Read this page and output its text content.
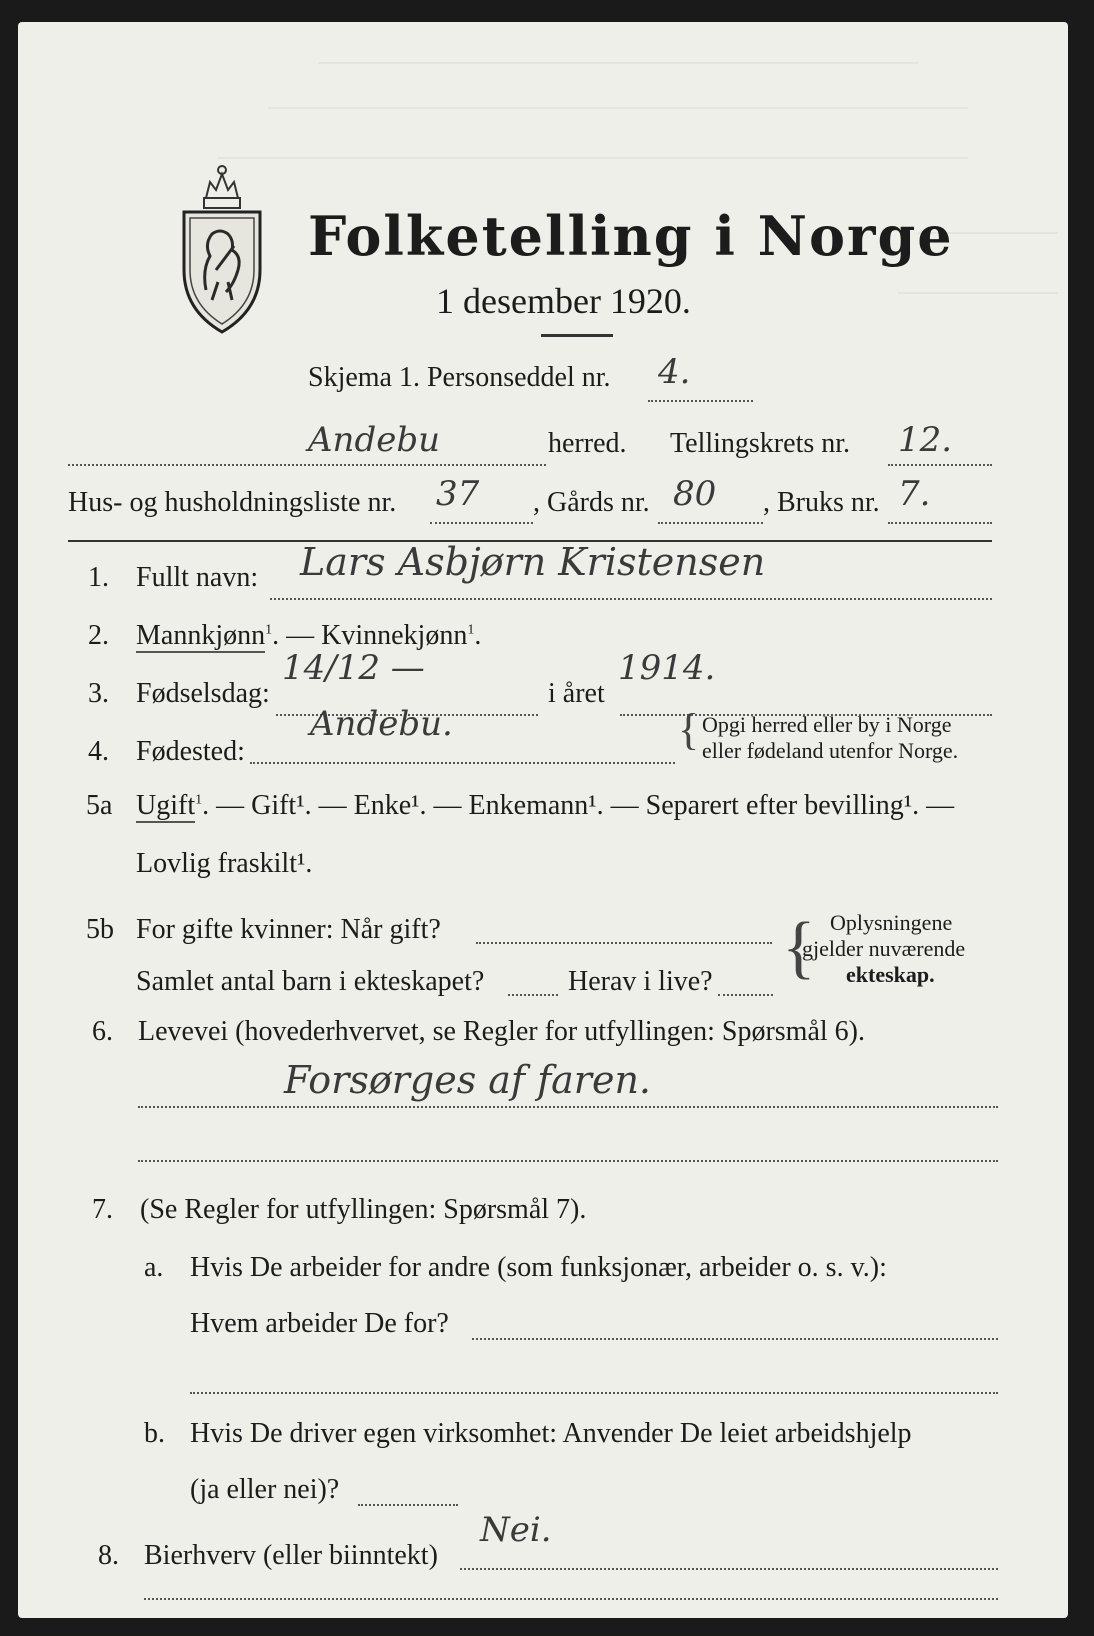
Folketelling i Norge
1 desember 1920.
Skjema 1. Personseddel nr. 4.
Andebu	herred. Tellingskrets nr. 12.
Hus- og husholdningsliste nr. 37 , Gårds nr. 80 , Bruks nr. 7.
1. Fullt navn: Lars Asbjørn Kristensen
2. Mannkjønn$^1$. — Kvinnekjønn$^1$.
3. Fødselsdag:
14/12 —
i året
1914.
4. Fødested:
Andebu.	{ Opgi herred eller by i Norge
eller fødeland utenfor Norge.
5a Ugift$^1$. — Gift¹. — Enke¹. — Enkemann¹. — Separert efter bevilling¹. —
Lovlig fraskilt¹.
5b For gifte kvinner: Når gift?
Samlet antal barn i ekteskapet?	Herav i live? { Oplysningene
gjelder nuværende
ekteskap.
6. Levevei (hovederhvervet, se Regler for utfyllingen: Spørsmål 6).
Forsørges af faren.
7. (Se Regler for utfyllingen: Spørsmål 7).
a. Hvis De arbeider for andre (som funksjonær, arbeider o. s. v.):
Hvem arbeider De for?
b. Hvis De driver egen virksomhet: Anvender De leiet arbeidshjelp
(ja eller nei)?
8. Bierhverv (eller biinntekt)
Nei.
